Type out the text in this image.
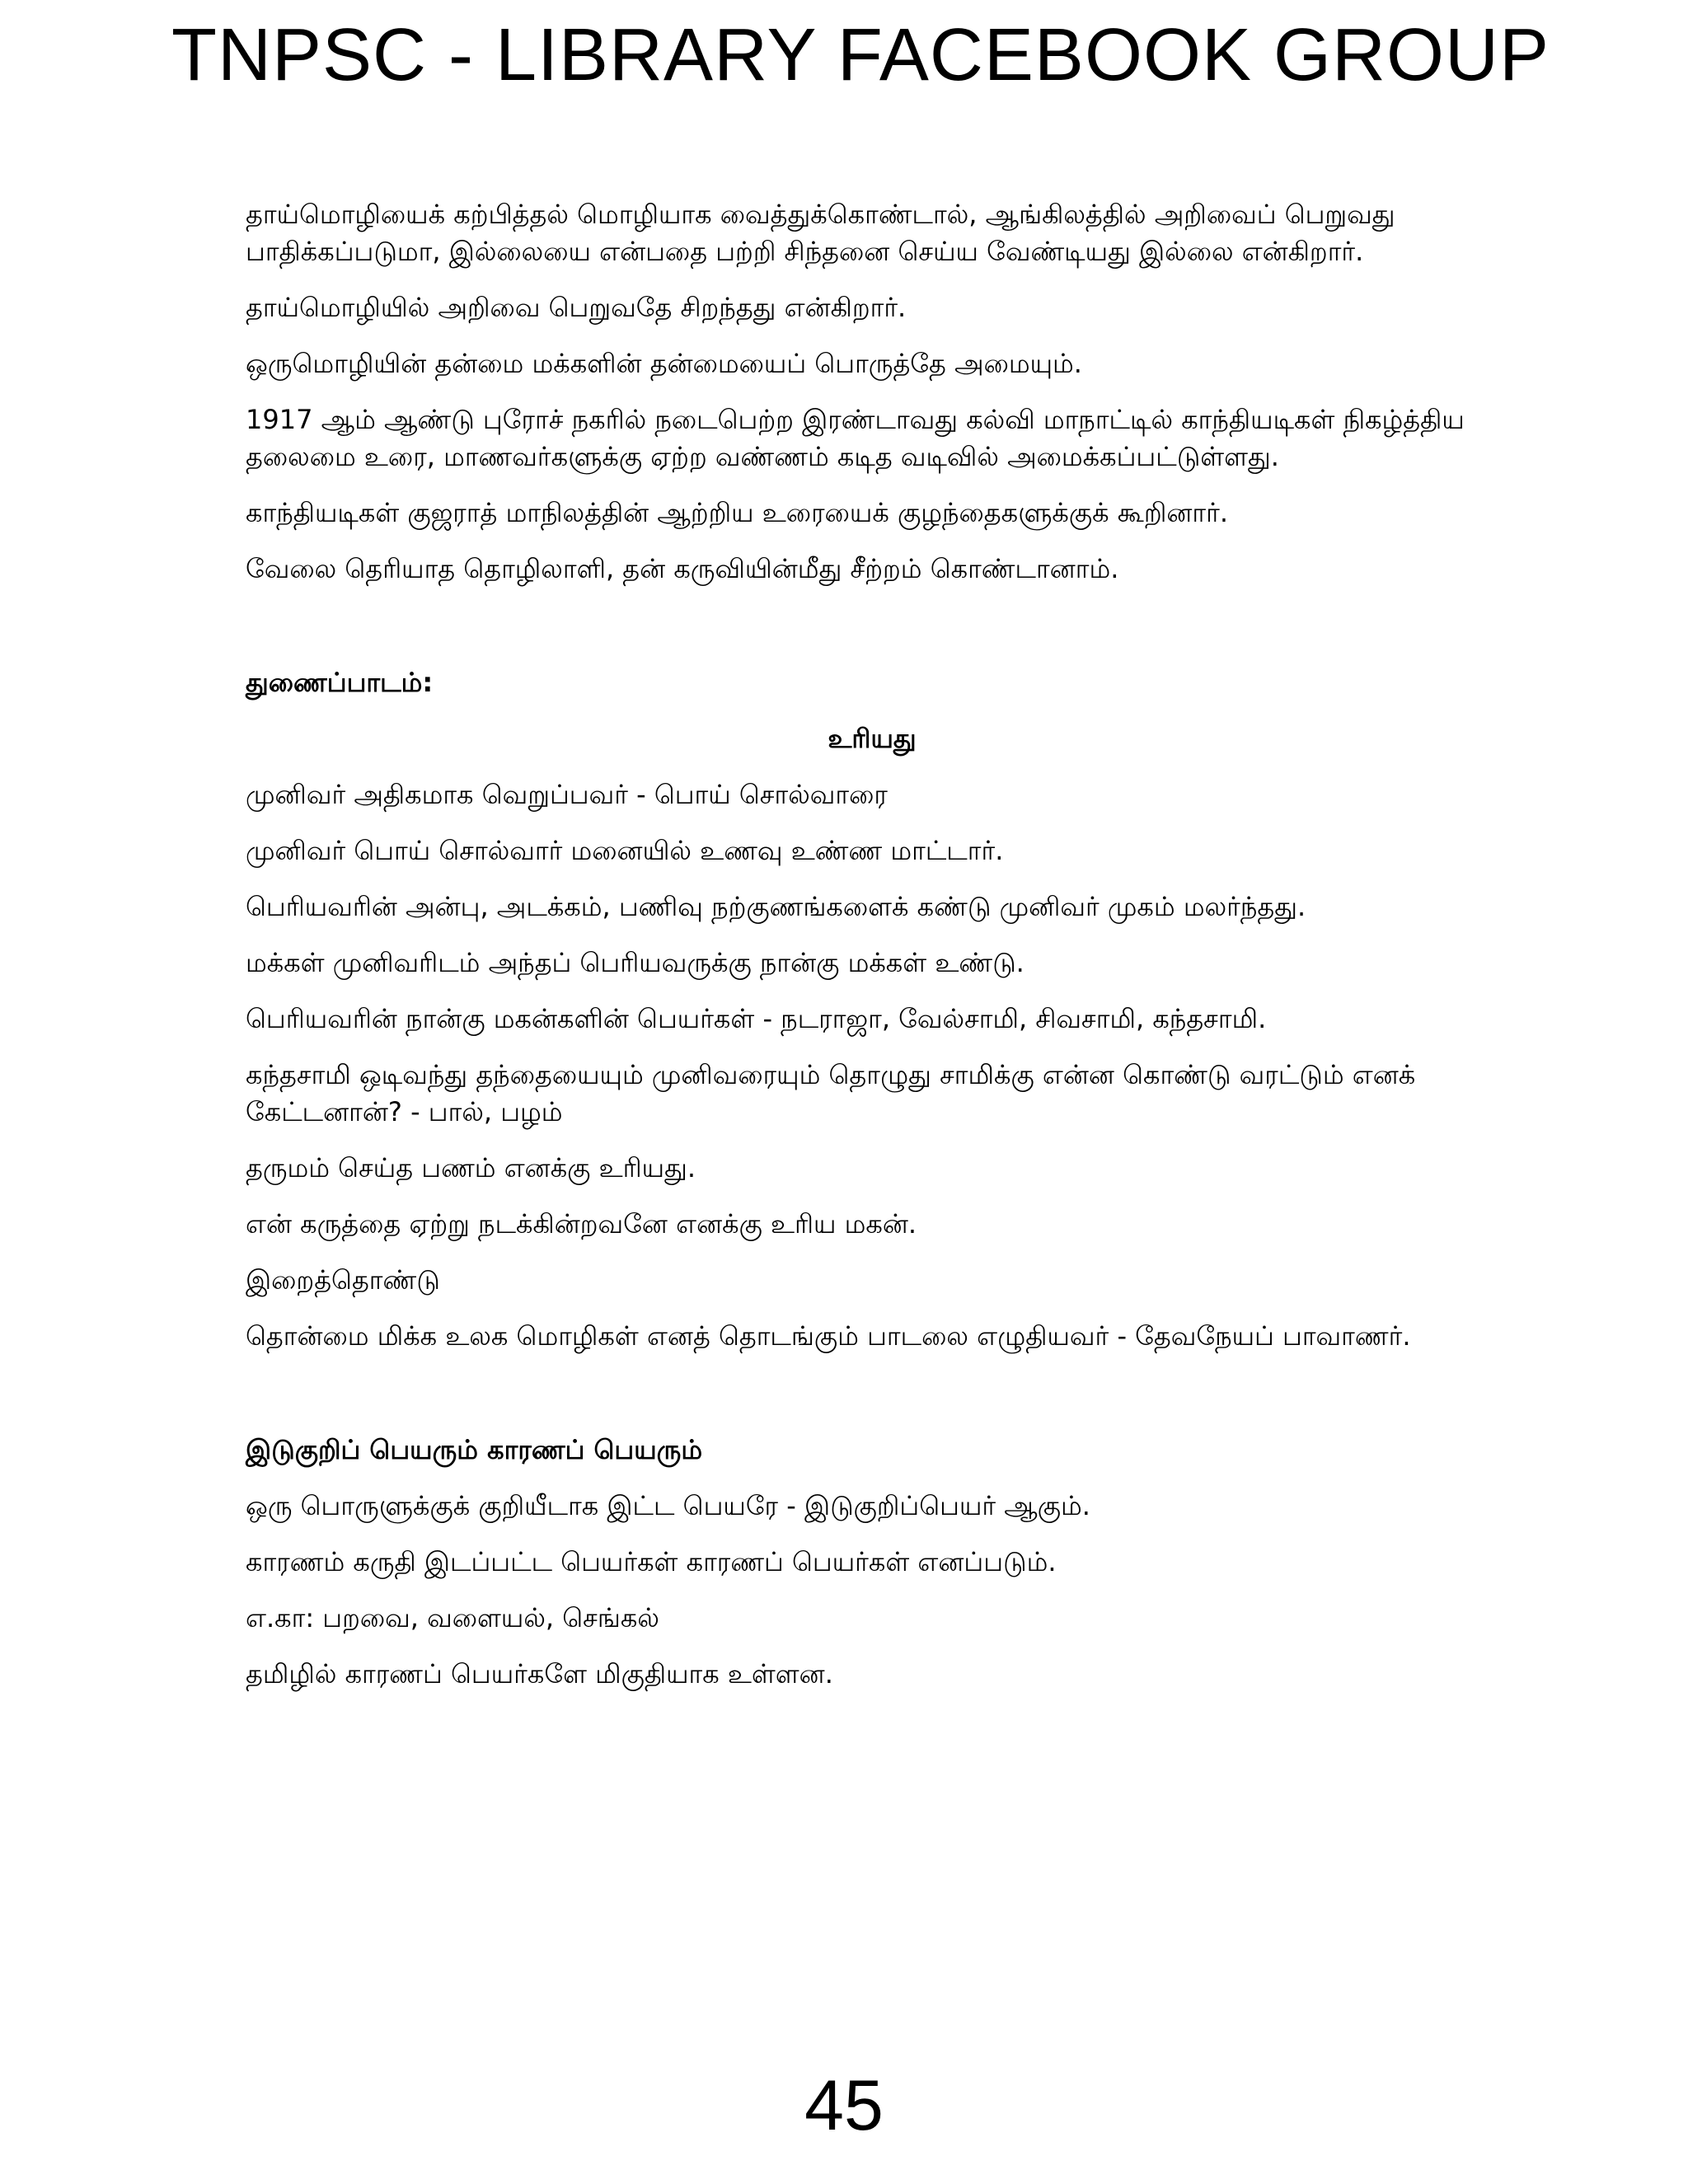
TNPSC - LIBRARY FACEBOOK GROUP

தாய்மொழியைக் கற்பித்தல் மொழியாக வைத்துக்கொண்டால், ஆங்கிலத்தில் அறிவைப் பெறுவது பாதிக்கப்படுமா, இல்லையை என்பதை பற்றி சிந்தனை செய்ய வேண்டியது இல்லை என்கிறார்.

தாய்மொழியில் அறிவை பெறுவதே சிறந்தது என்கிறார்.

ஒருமொழியின் தன்மை மக்களின் தன்மையைப் பொருத்தே அமையும்.

1917 ஆம் ஆண்டு புரோச் நகரில் நடைபெற்ற இரண்டாவது கல்வி மாநாட்டில் காந்தியடிகள் நிகழ்த்திய தலைமை உரை, மாணவர்களுக்கு ஏற்ற வண்ணம் கடித வடிவில் அமைக்கப்பட்டுள்ளது.

காந்தியடிகள் குஜராத் மாநிலத்தின் ஆற்றிய உரையைக் குழந்தைகளுக்குக் கூறினார்.

வேலை தெரியாத தொழிலாளி, தன் கருவியின்மீது சீற்றம் கொண்டானாம்.

துணைப்பாடம்:

உரியது

முனிவர் அதிகமாக வெறுப்பவர் - பொய் சொல்வாரை

முனிவர் பொய் சொல்வார் மனையில் உணவு உண்ண மாட்டார்.

பெரியவரின் அன்பு, அடக்கம், பணிவு நற்குணங்களைக் கண்டு முனிவர் முகம் மலர்ந்தது.

மக்கள் முனிவரிடம் அந்தப் பெரியவருக்கு நான்கு மக்கள் உண்டு.

பெரியவரின் நான்கு மகன்களின் பெயர்கள் - நடராஜா, வேல்சாமி, சிவசாமி, கந்தசாமி.

கந்தசாமி ஒடிவந்து தந்தையையும் முனிவரையும் தொழுது சாமிக்கு என்ன கொண்டு வரட்டும் எனக் கேட்டனான்? - பால், பழம்

தருமம் செய்த பணம் எனக்கு உரியது.

என் கருத்தை ஏற்று நடக்கின்றவனே எனக்கு உரிய மகன்.

இறைத்தொண்டு

தொன்மை மிக்க உலக மொழிகள் எனத் தொடங்கும் பாடலை எழுதியவர் - தேவநேயப் பாவாணர்.

இடுகுறிப் பெயரும் காரணப் பெயரும்

ஒரு பொருளுக்குக் குறியீடாக இட்ட பெயரே - இடுகுறிப்பெயர் ஆகும்.

காரணம் கருதி இடப்பட்ட பெயர்கள் காரணப் பெயர்கள் எனப்படும்.

எ.கா: பறவை, வளையல், செங்கல்

தமிழில் காரணப் பெயர்களே மிகுதியாக உள்ளன.

45
